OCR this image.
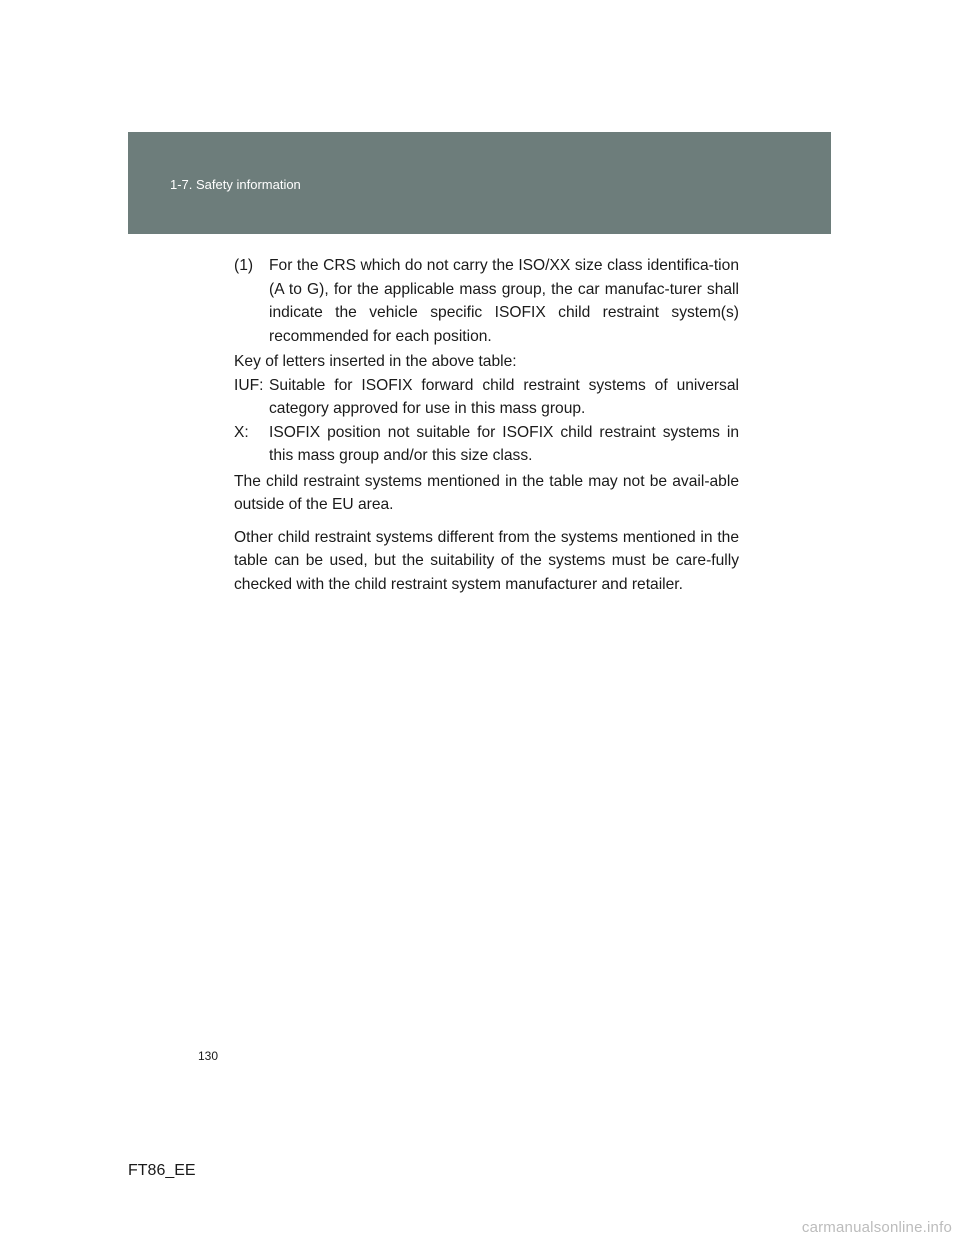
1-7. Safety information
(1)	For the CRS which do not carry the ISO/XX size class identifica-tion (A to G), for the applicable mass group, the car manufac-turer shall indicate the vehicle specific ISOFIX child restraint system(s) recommended for each position.
Key of letters inserted in the above table:
IUF: Suitable for ISOFIX forward child restraint systems of universal category approved for use in this mass group.
X:	ISOFIX position not suitable for ISOFIX child restraint systems in this mass group and/or this size class.
The child restraint systems mentioned in the table may not be avail-able outside of the EU area.
Other child restraint systems different from the systems mentioned in the table can be used, but the suitability of the systems must be care-fully checked with the child restraint system manufacturer and retailer.
130
FT86_EE
carmanualsonline.info
